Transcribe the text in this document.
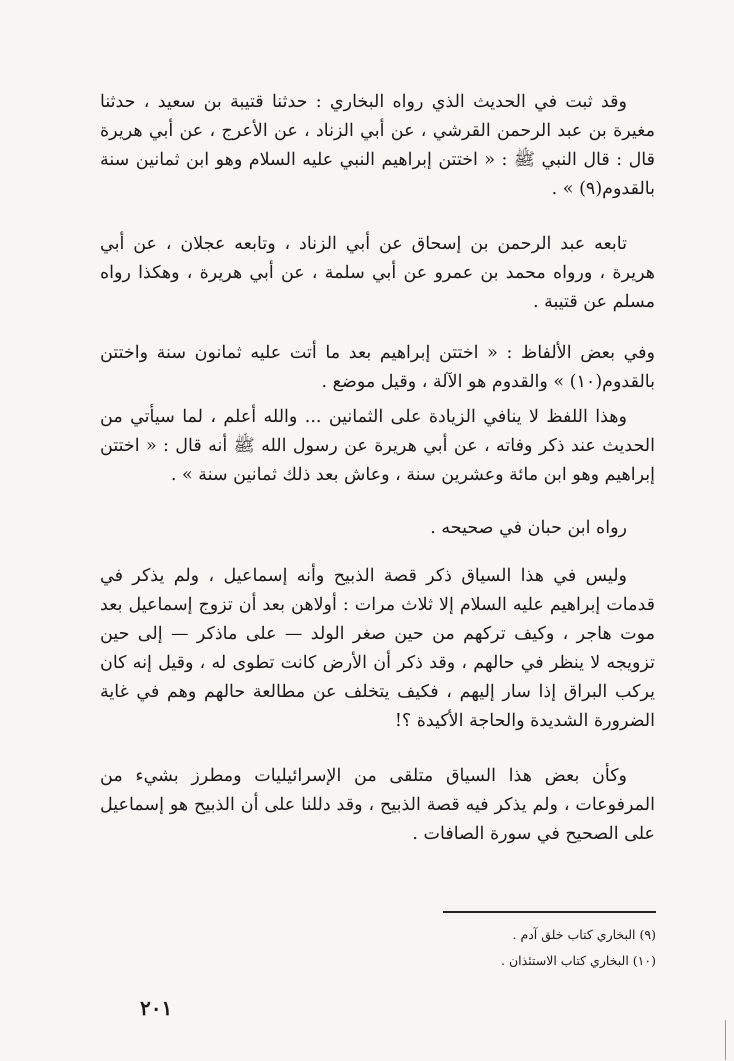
وقد ثبت في الحديث الذي رواه البخاري : حدثنا قتيبة بن سعيد ، حدثنا مغيرة بن عبد الرحمن القرشي ، عن أبي الزناد ، عن الأعرج ، عن أبي هريرة قال : قال النبي ﷺ : « اختتن إبراهيم النبي عليه السلام وهو ابن ثمانين سنة بالقدوم(٩) » .

تابعه عبد الرحمن بن إسحاق عن أبي الزناد ، وتابعه عجلان ، عن أبي هريرة ، ورواه محمد بن عمرو عن أبي سلمة ، عن أبي هريرة ، وهكذا رواه مسلم عن قتيبة .

وفي بعض الألفاظ : « اختتن إبراهيم بعد ما أتت عليه ثمانون سنة واختتن بالقدوم(١٠) » والقدوم هو الآلة ، وقيل موضع .

وهذا اللفظ لا ينافي الزيادة على الثمانين ... والله أعلم ، لما سيأتي من الحديث عند ذكر وفاته ، عن أبي هريرة عن رسول الله ﷺ أنه قال : « اختتن إبراهيم وهو ابن مائة وعشرين سنة ، وعاش بعد ذلك ثمانين سنة » .

رواه ابن حبان في صحيحه .

وليس في هذا السياق ذكر قصة الذبيح وأنه إسماعيل ، ولم يذكر في قدمات إبراهيم عليه السلام إلا ثلاث مرات : أولاهن بعد أن تزوج إسماعيل بعد موت هاجر ، وكيف تركهم من حين صغر الولد — على ماذكر — إلى حين تزويجه لا ينظر في حالهم ، وقد ذكر أن الأرض كانت تطوى له ، وقيل إنه كان يركب البراق إذا سار إليهم ، فكيف يتخلف عن مطالعة حالهم وهم في غاية الضرورة الشديدة والحاجة الأكيدة ؟!

وكأن بعض هذا السياق متلقى من الإسرائيليات ومطرز بشيء من المرفوعات ، ولم يذكر فيه قصة الذبيح ، وقد دللنا على أن الذبيح هو إسماعيل على الصحيح في سورة الصافات .

(٩) البخاري كتاب خلق آدم .
(١٠) البخاري كتاب الاستئذان .
٢٠١
